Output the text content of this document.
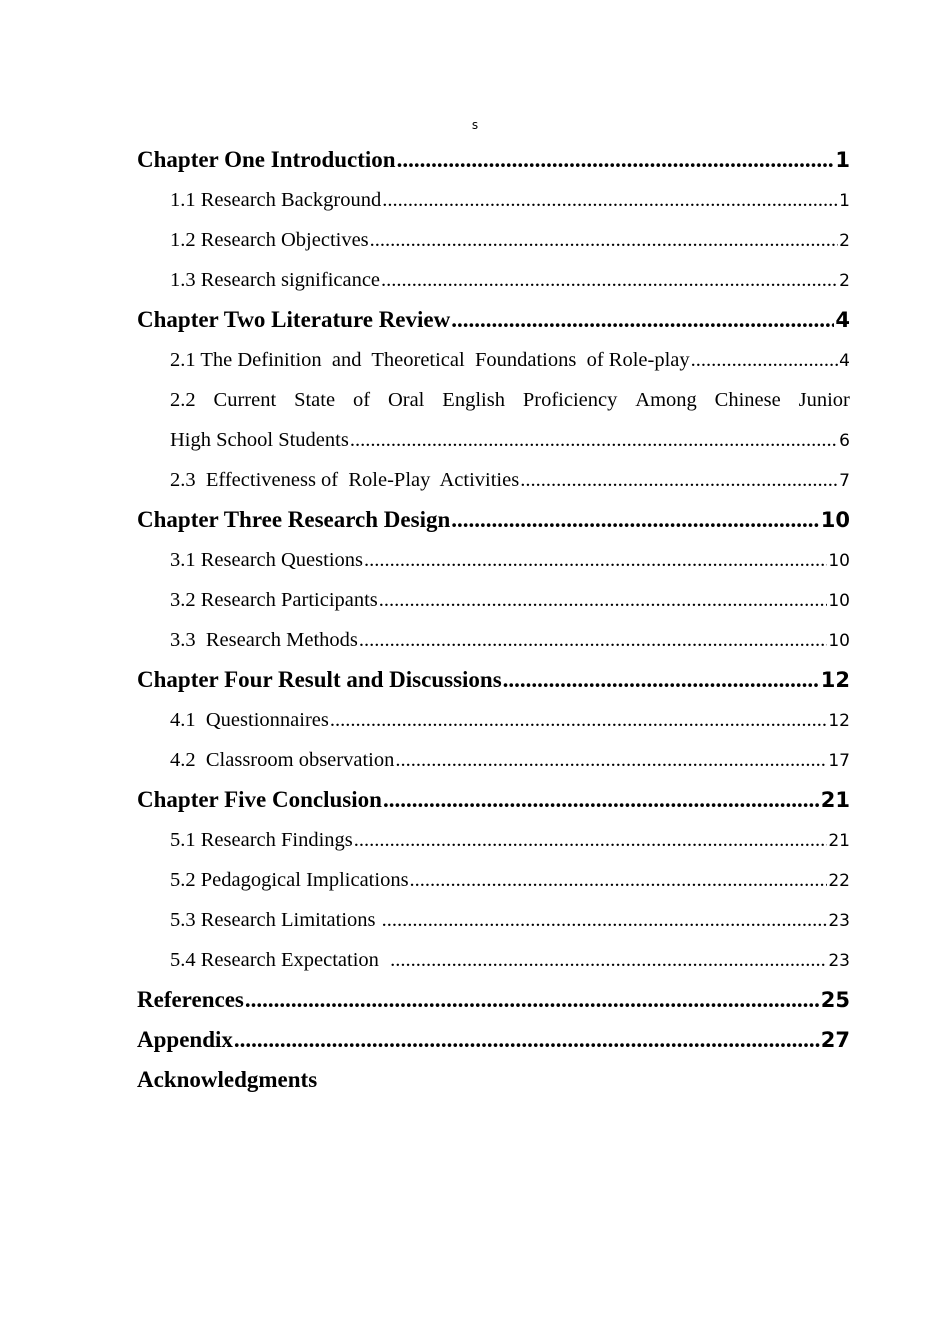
s
Chapter One Introduction .....	1
1.1 Research Background .....	1
1.2 Research Objectives .....	2
1.3 Research significance .....	2
Chapter Two Literature Review .....	4
2.1 The Definition  and  Theoretical  Foundations  of Role-play .....	4
2.2 Current State of Oral English Proficiency Among Chinese Junior
High School Students .....	6
2.3  Effectiveness of  Role-Play  Activities .....	7
Chapter Three Research Design .....	10
3.1 Research Questions .....	10
3.2 Research Participants .....	10
3.3  Research Methods .....	10
Chapter Four Result and Discussions .....	12
4.1  Questionnaires .....	12
4.2  Classroom observation .....	17
Chapter Five Conclusion .....	21
5.1 Research Findings .....	21
5.2 Pedagogical Implications .....	22
5.3 Research Limitations .....	23
5.4 Research Expectation .....	23
References .....	25
Appendix .....	27
Acknowledgments
